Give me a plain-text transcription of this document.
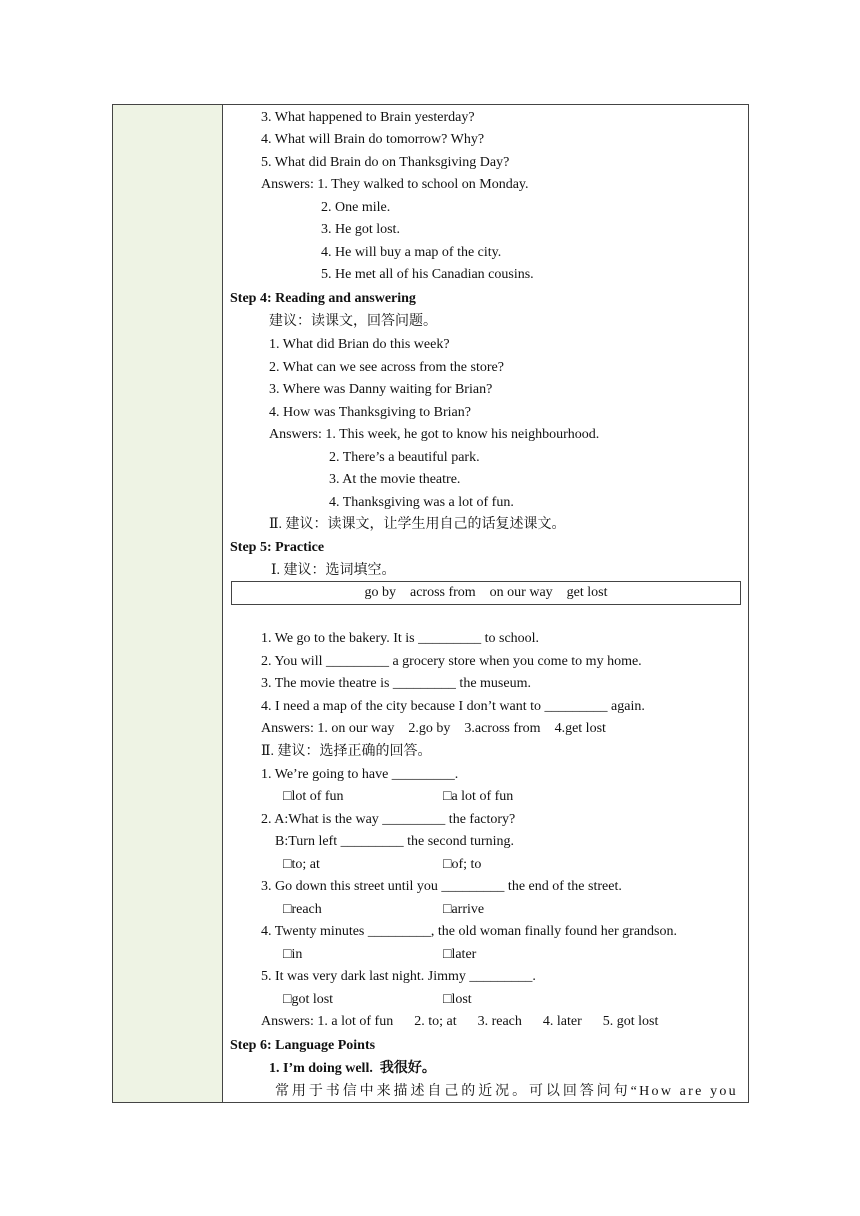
3. What happened to Brain yesterday?
4. What will Brain do tomorrow? Why?
5. What did Brain do on Thanksgiving Day?
Answers: 1. They walked to school on Monday.
2. One mile.
3. He got lost.
4. He will buy a map of the city.
5. He met all of his Canadian cousins.
Step 4: Reading and answering
建议：读课文，回答问题。
1. What did Brian do this week?
2. What can we see across from the store?
3. Where was Danny waiting for Brian?
4. How was Thanksgiving to Brian?
Answers: 1. This week, he got to know his neighbourhood.
2. There’s a beautiful park.
3. At the movie theatre.
4. Thanksgiving was a lot of fun.
Ⅱ. 建议：读课文，让学生用自己的话复述课文。
Step 5: Practice
Ⅰ. 建议：选词填空。
go by    across from    on our way    get lost
1. We go to the bakery. It is _________ to school.
2. You will _________ a grocery store when you come to my home.
3. The movie theatre is _________ the museum.
4. I need a map of the city because I don’t want to _________ again.
Answers: 1. on our way    2.go by    3.across from    4.get lost
Ⅱ. 建议：选择正确的回答。
1. We’re going to have _________.
□lot of fun	□a lot of fun
2. A:What is the way _________ the factory?
B:Turn left _________ the second turning.
□to; at	□of; to
3. Go down this street until you _________ the end of the street.
□reach	□arrive
4. Twenty minutes _________, the old woman finally found her grandson.
□in	□later
5. It was very dark last night. Jimmy _________.
□got lost	□lost
Answers: 1. a lot of fun      2. to; at      3. reach      4. later      5. got lost
Step 6: Language Points
1. I’m doing well.  我很好。
常用于书信中来描述自己的近况。可以回答问句“How are you
